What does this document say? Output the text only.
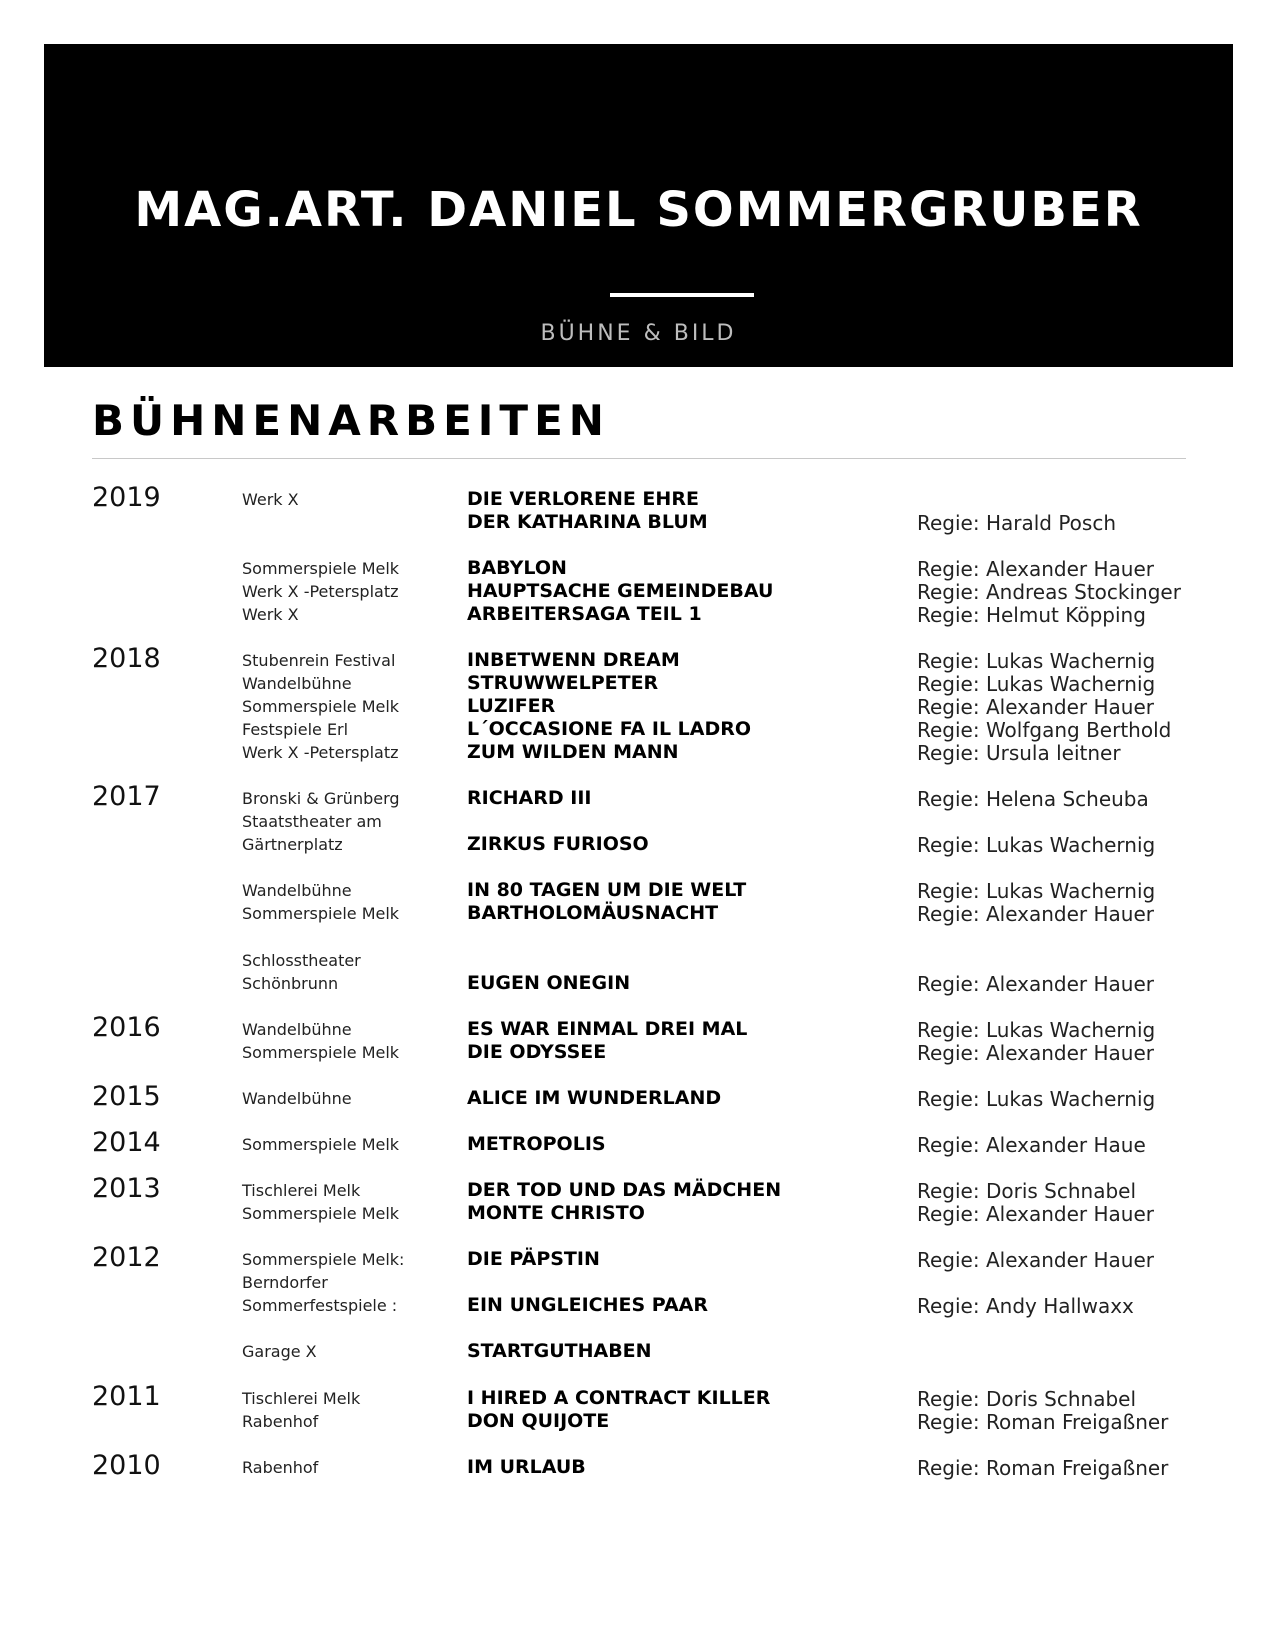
MAG.ART. DANIEL SOMMERGRUBER
BÜHNE & BILD
BÜHNENARBEITEN
2019	Werk X	DIE VERLORENE EHRE
DER KATHARINA BLUM	Regie: Harald Posch
Sommerspiele Melk	BABYLON	Regie: Alexander Hauer
Werk X -Petersplatz	HAUPTSACHE GEMEINDEBAU	Regie: Andreas Stockinger
Werk X	ARBEITERSAGA TEIL 1	Regie: Helmut Köpping
2018	Stubenrein Festival	INBETWENN DREAM	Regie: Lukas Wachernig
Wandelbühne	STRUWWELPETER	Regie: Lukas Wachernig
Sommerspiele Melk	LUZIFER	Regie: Alexander Hauer
Festspiele Erl	L´OCCASIONE FA IL LADRO	Regie: Wolfgang Berthold
Werk X -Petersplatz	ZUM WILDEN MANN	Regie: Ursula leitner
2017	Bronski & Grünberg	RICHARD III	Regie: Helena Scheuba
Staatstheater am
Gärtnerplatz	ZIRKUS FURIOSO	Regie: Lukas Wachernig
Wandelbühne	IN 80 TAGEN UM DIE WELT	Regie: Lukas Wachernig
Sommerspiele Melk	BARTHOLOMÄUSNACHT	Regie: Alexander Hauer
Schlosstheater
Schönbrunn	EUGEN ONEGIN	Regie: Alexander Hauer
2016	Wandelbühne	ES WAR EINMAL DREI MAL	Regie: Lukas Wachernig
Sommerspiele Melk	DIE ODYSSEE	Regie: Alexander Hauer
2015	Wandelbühne	ALICE IM WUNDERLAND	Regie: Lukas Wachernig
2014	Sommerspiele Melk	METROPOLIS	Regie: Alexander Haue
2013	Tischlerei Melk	DER TOD UND DAS MÄDCHEN	Regie: Doris Schnabel
Sommerspiele Melk	MONTE CHRISTO	Regie: Alexander Hauer
2012	Sommerspiele Melk:	DIE PÄPSTIN	Regie: Alexander Hauer
Berndorfer
Sommerfestspiele :	EIN UNGLEICHES PAAR	Regie: Andy Hallwaxx
Garage X	STARTGUTHABEN
2011	Tischlerei Melk	I HIRED A CONTRACT KILLER	Regie: Doris Schnabel
Rabenhof	DON QUIJOTE	Regie: Roman Freigaßner
2010	Rabenhof	IM URLAUB	Regie: Roman Freigaßner
